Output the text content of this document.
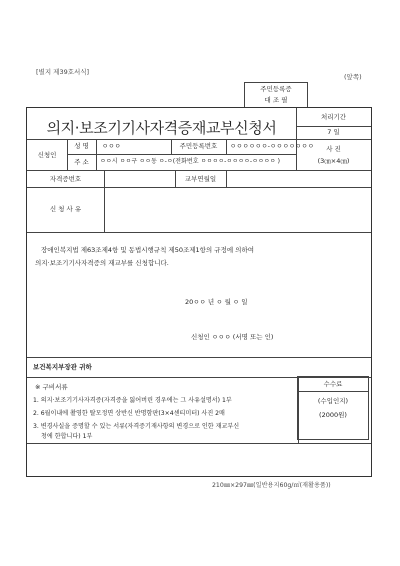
[별지 제39호서식]
(앞쪽)
주민등록증
대 조 필
의지·보조기기사자격증재교부신청서
처리기간
7 일
신청인
성 명	ㅇㅇㅇ	주민등록번호	ㅇㅇㅇㅇㅇㅇ-ㅇㅇㅇㅇㅇㅇㅇ
주 소	ㅇㅇ시 ㅇㅇ구 ㅇㅇ동 ㅇ-ㅇ(전화번호 ㅇㅇㅇㅇ-ㅇㅇㅇㅇ-ㅇㅇㅇㅇ )
사 진
(3㎝×4㎝)
자격증번호	교부연월일
신 청 사 유
장애인복지법 제63조제4항 및 동법시행규칙 제50조제1항의 규정에 의하여
의지·보조기기사자격증의 재교부를 신청합니다.
20ㅇㅇ 년 ㅇ 월 ㅇ 일
신청인 ㅇㅇㅇ (서명 또는 인)
보건복지부장관 귀하
※ 구비서류
1. 의지·보조기기사자격증(자격증을 잃어버린 경우에는 그 사유설명서) 1부
2. 6월이내에 촬영한 탈모정면 상반신 반명함판(3×4센티미터) 사진 2매
3. 변경사실을 증명할 수 있는 서류(자격증기재사항의 변경으로 인한 재교부신
청에 한합니다) 1부
수수료
(수입인지)
(2000원)
210㎜×297㎜(일반용지60g/㎡(재활용품))
